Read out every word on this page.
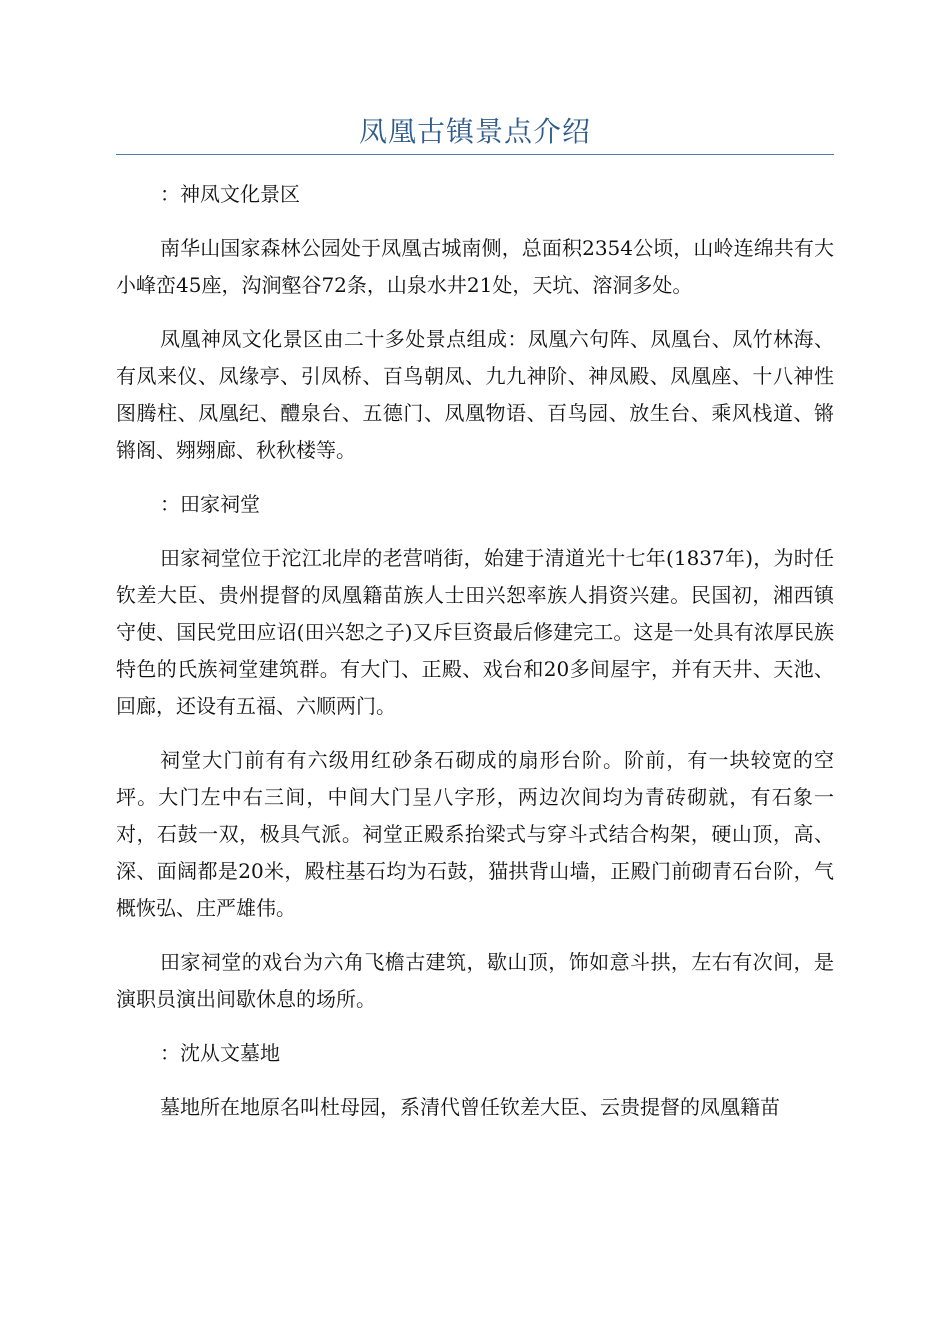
凤凰古镇景点介绍

：神凤文化景区

南华山国家森林公园处于凤凰古城南侧，总面积2354公顷，山岭连绵共有大小峰峦45座，沟涧壑谷72条，山泉水井21处，天坑、溶洞多处。

凤凰神凤文化景区由二十多处景点组成：凤凰六句阵、凤凰台、凤竹林海、有凤来仪、凤缘亭、引凤桥、百鸟朝凤、九九神阶、神凤殿、凤凰座、十八神性图腾柱、凤凰纪、醴泉台、五德门、凤凰物语、百鸟园、放生台、乘风栈道、锵锵阁、翙翙廊、秋秋楼等。

：田家祠堂

田家祠堂位于沱江北岸的老营哨街，始建于清道光十七年(1837年)，为时任钦差大臣、贵州提督的凤凰籍苗族人士田兴恕率族人捐资兴建。民国初，湘西镇守使、国民党田应诏(田兴恕之子)又斥巨资最后修建完工。这是一处具有浓厚民族特色的氏族祠堂建筑群。有大门、正殿、戏台和20多间屋宇，并有天井、天池、回廊，还设有五福、六顺两门。

祠堂大门前有有六级用红砂条石砌成的扇形台阶。阶前，有一块较宽的空坪。大门左中右三间，中间大门呈八字形，两边次间均为青砖砌就，有石象一对，石鼓一双，极具气派。祠堂正殿系抬梁式与穿斗式结合构架，硬山顶，高、深、面阔都是20米，殿柱基石均为石鼓，猫拱背山墙，正殿门前砌青石台阶，气概恢弘、庄严雄伟。

田家祠堂的戏台为六角飞檐古建筑，歇山顶，饰如意斗拱，左右有次间，是演职员演出间歇休息的场所。

：沈从文墓地

墓地所在地原名叫杜母园，系清代曾任钦差大臣、云贵提督的凤凰籍苗
